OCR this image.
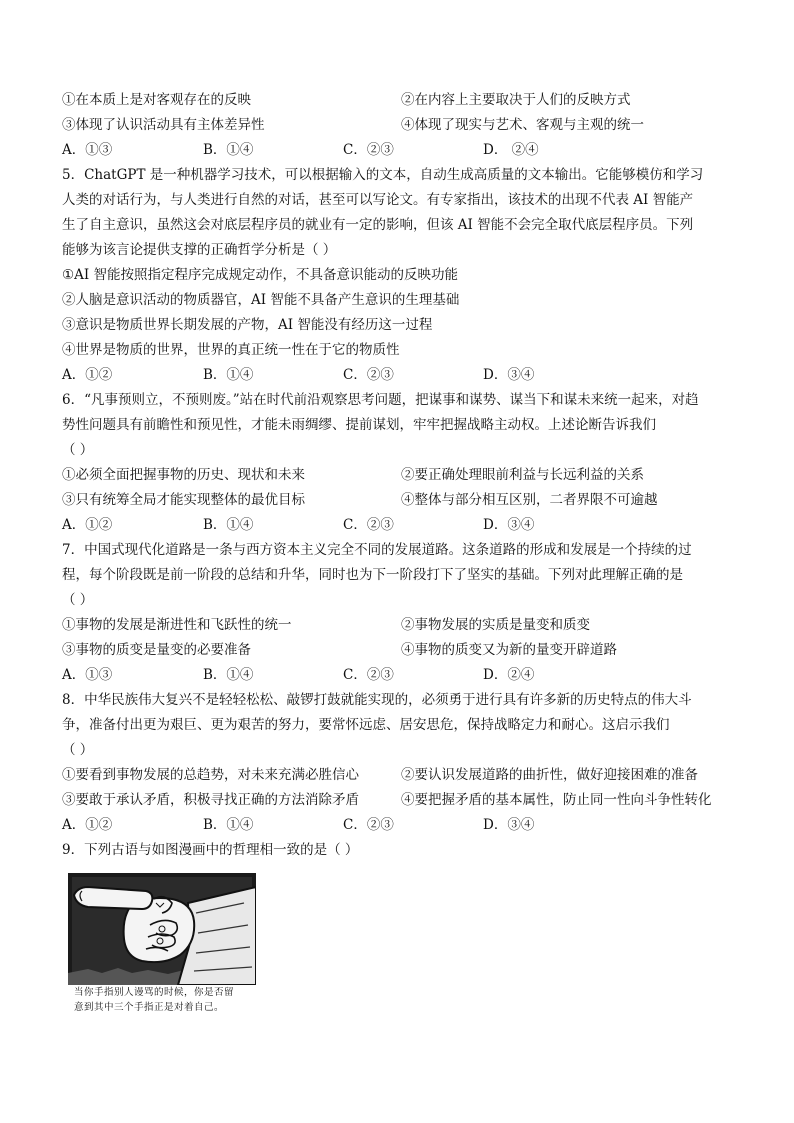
①在本质上是对客观存在的反映	②在内容上主要取决于人们的反映方式
③体现了认识活动具有主体差异性	④体现了现实与艺术、客观与主观的统一
A．①③	B．①④	C．②③	D． ②④
5．ChatGPT 是一种机器学习技术，可以根据输入的文本，自动生成高质量的文本输出。它能够模仿和学习
人类的对话行为，与人类进行自然的对话，甚至可以写论文。有专家指出，该技术的出现不代表 AI 智能产
生了自主意识，虽然这会对底层程序员的就业有一定的影响，但该 AI 智能不会完全取代底层程序员。下列
能够为该言论提供支撑的正确哲学分析是（ ）
①AI 智能按照指定程序完成规定动作，不具备意识能动的反映功能
②人脑是意识活动的物质器官，AI 智能不具备产生意识的生理基础
③意识是物质世界长期发展的产物，AI 智能没有经历这一过程
④世界是物质的世界，世界的真正统一性在于它的物质性
A．①②	B．①④	C．②③	D．③④
6．“凡事预则立，不预则废。”站在时代前沿观察思考问题，把谋事和谋势、谋当下和谋未来统一起来，对趋
势性问题具有前瞻性和预见性，才能未雨绸缪、提前谋划，牢牢把握战略主动权。上述论断告诉我们
（ ）
①必须全面把握事物的历史、现状和未来	②要正确处理眼前利益与长远利益的关系
③只有统筹全局才能实现整体的最优目标	④整体与部分相互区别，二者界限不可逾越
A．①②	B．①④	C．②③	D．③④
7．中国式现代化道路是一条与西方资本主义完全不同的发展道路。这条道路的形成和发展是一个持续的过
程，每个阶段既是前一阶段的总结和升华，同时也为下一阶段打下了坚实的基础。下列对此理解正确的是
（ ）
①事物的发展是渐进性和飞跃性的统一	②事物发展的实质是量变和质变
③事物的质变是量变的必要准备	④事物的质变又为新的量变开辟道路
A．①③	B．①④	C．②③	D．②④
8．中华民族伟大复兴不是轻轻松松、敲锣打鼓就能实现的，必须勇于进行具有许多新的历史特点的伟大斗
争，准备付出更为艰巨、更为艰苦的努力，要常怀远虑、居安思危，保持战略定力和耐心。这启示我们
（ ）
①要看到事物发展的总趋势，对未来充满必胜信心	②要认识发展道路的曲折性，做好迎接困难的准备
③要敢于承认矛盾，积极寻找正确的方法消除矛盾	④要把握矛盾的基本属性，防止同一性向斗争性转化
A．①②	B．①④	C．②③	D．③④
9．下列古语与如图漫画中的哲理相一致的是（ ）
当你手指别人谩骂的时候，你是否留
意到其中三个手指正是对着自己。
